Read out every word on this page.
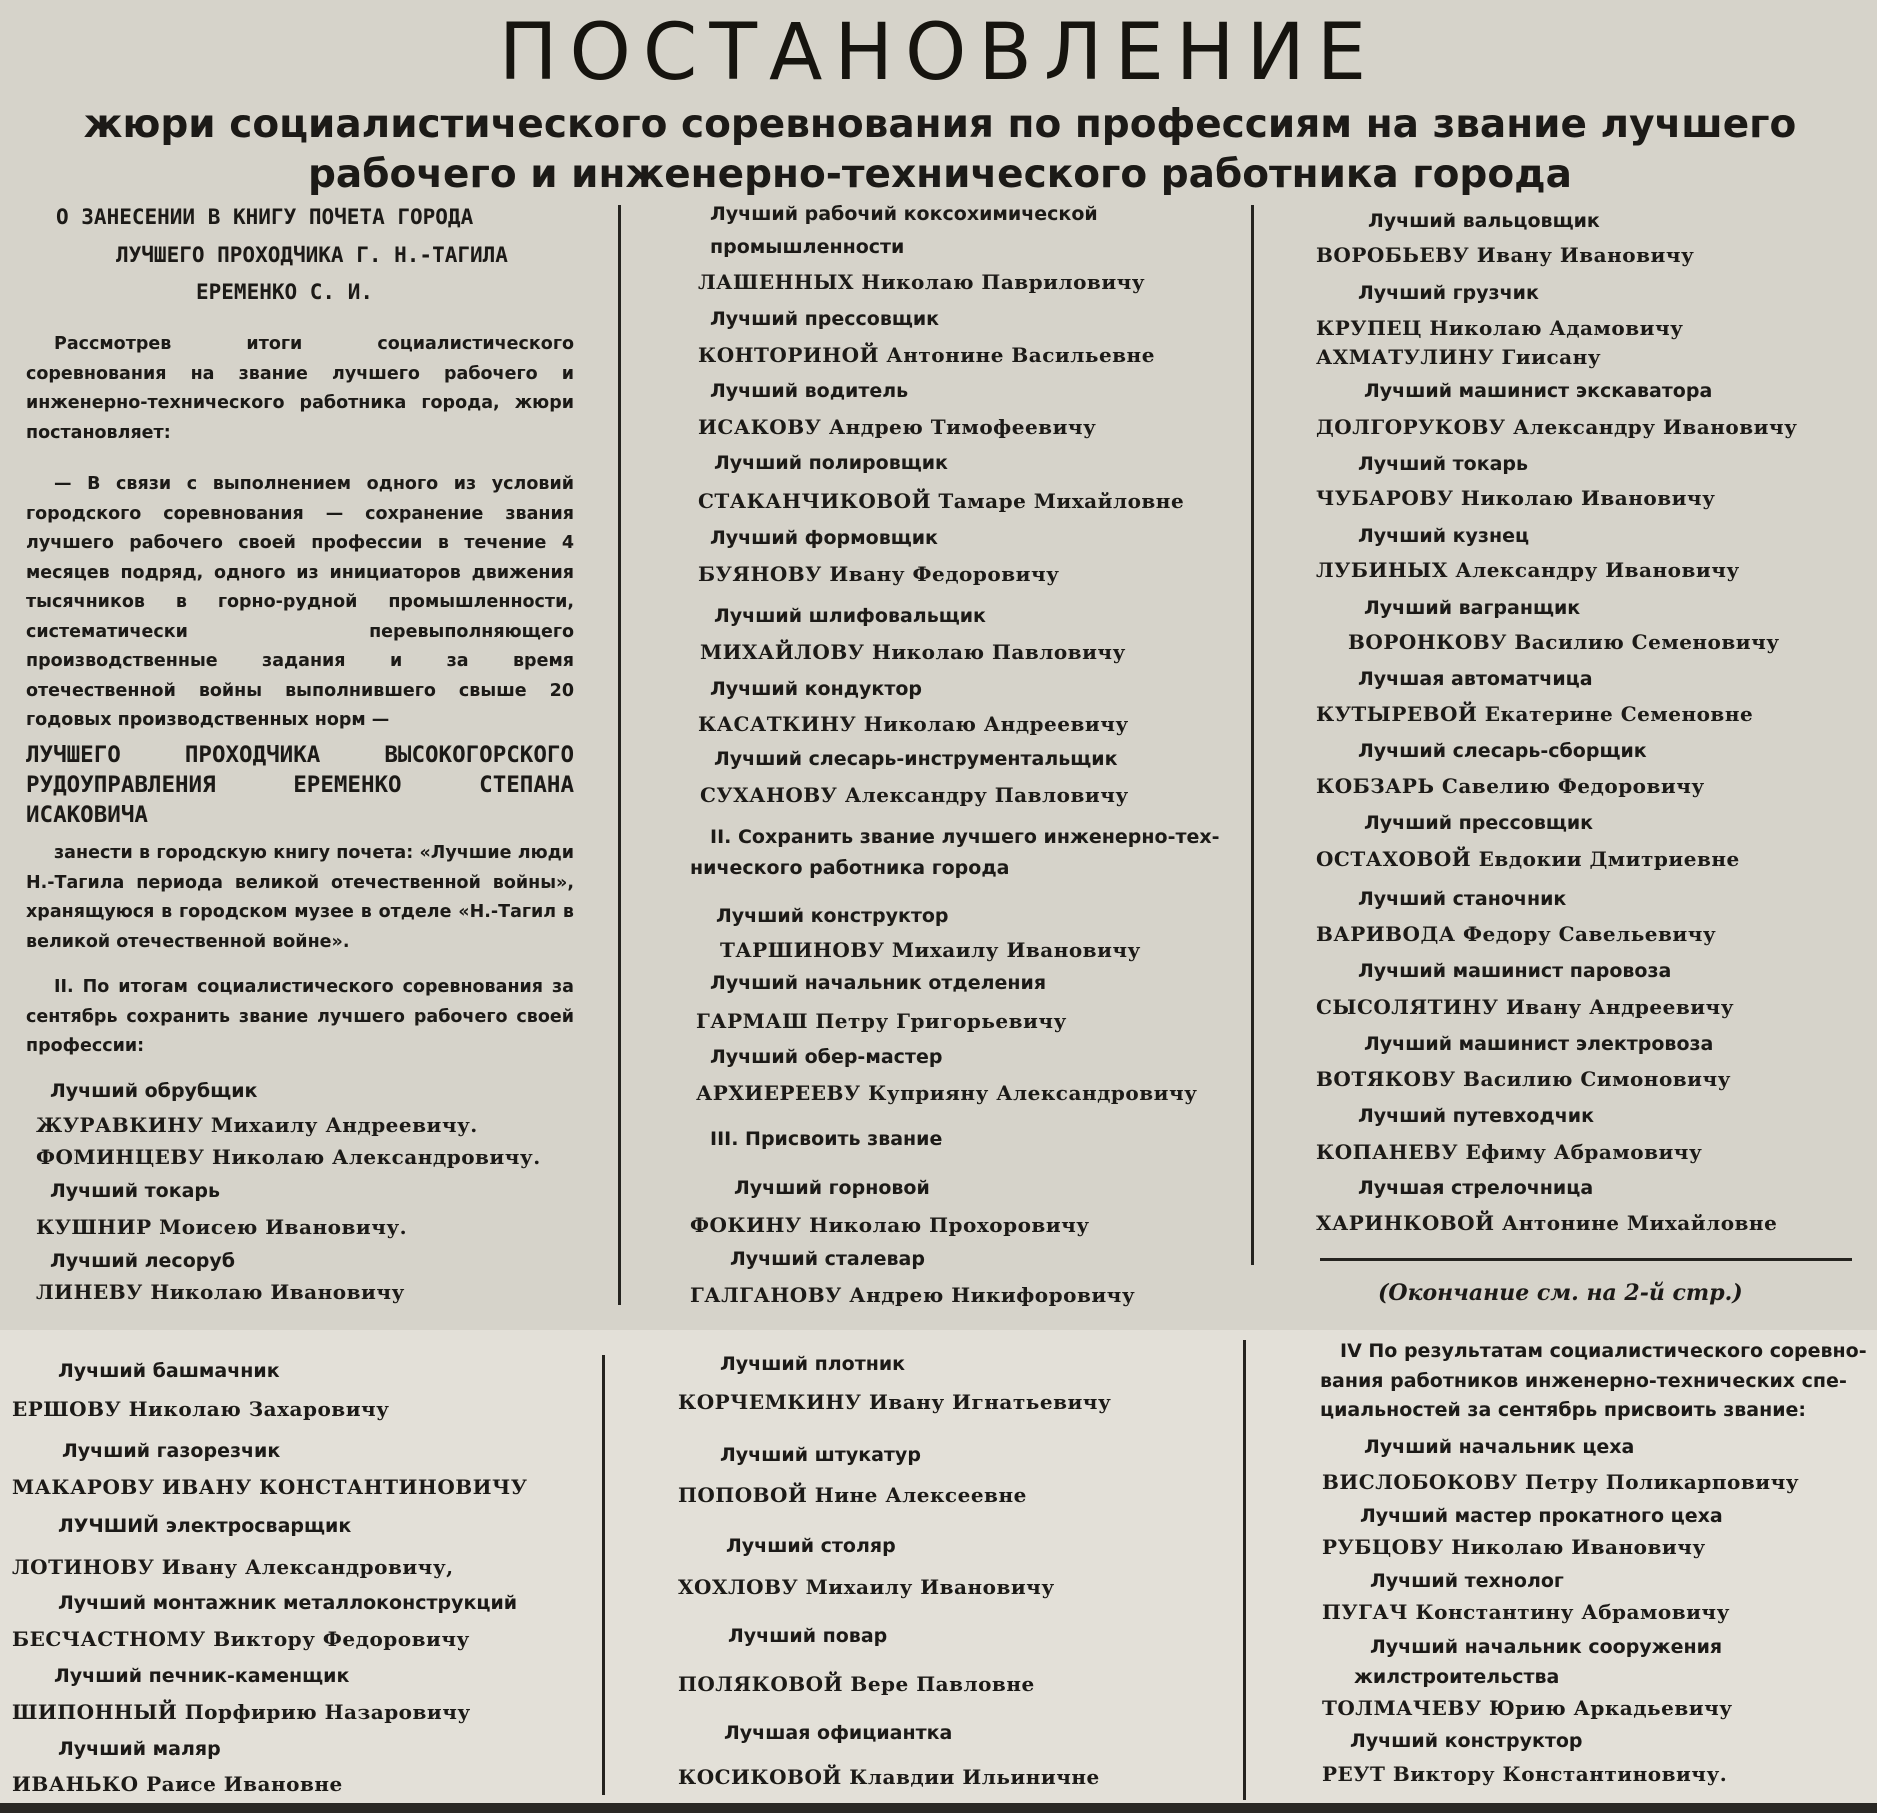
ПОСТАНОВЛЕНИЕ
жюри социалистического соревнования по профессиям на звание лучшего
рабочего и инженерно-технического работника города
О ЗАНЕСЕНИИ В КНИГУ ПОЧЕТА ГОРОДА
ЛУЧШЕГО ПРОХОДЧИКА Г. Н.-ТАГИЛА
ЕРЕМЕНКО С. И.

Рассмотрев итоги социалистического соревнования на звание лучшего рабочего и инженерно-технического работника города, жюри постановляет:

— В связи с выполнением одного из условий городского соревнования — сохранение звания лучшего рабочего своей профессии в течение 4 месяцев подряд, одного из инициаторов движения тысячников в горно-рудной промышленности, систематически перевыполняющего производственные задания и за время отечественной войны выполнившего свыше 20 годовых производственных норм —

ЛУЧШЕГО ПРОХОДЧИКА ВЫСОКОГОРСКОГО РУДОУПРАВЛЕНИЯ ЕРЕМЕНКО СТЕПАНА ИСАКОВИЧА

занести в городскую книгу почета: «Лучшие люди Н.-Тагила периода великой отечественной войны», хранящуюся в городском музее в отделе «Н.-Тагил в великой отечественной войне».

II. По итогам социалистического соревнования за сентябрь сохранить звание лучшего рабочего своей профессии:

Лучший обрубщик
ЖУРАВКИНУ Михаилу Андреевичу.
ФОМИНЦЕВУ Николаю Александровичу.
Лучший токарь
КУШНИР Моисею Ивановичу.
Лучший лесоруб
ЛИНЕВУ Николаю Ивановичу
Лучший рабочий коксохимической
промышленности
ЛАШЕННЫХ Николаю Павриловичу
Лучший прессовщик
КОНТОРИНОЙ Антонине Васильевне
Лучший водитель
ИСАКОВУ Андрею Тимофеевичу
Лучший полировщик
СТАКАНЧИКОВОЙ Тамаре Михайловне
Лучший формовщик
БУЯНОВУ Ивану Федоровичу
Лучший шлифовальщик
МИХАЙЛОВУ Николаю Павловичу
Лучший кондуктор
КАСАТКИНУ Николаю Андреевичу
Лучший слесарь-инструментальщик
СУХАНОВУ Александру Павловичу
II. Сохранить звание лучшего инженерно-тех-
нического работника города
Лучший конструктор
ТАРШИНОВУ Михаилу Ивановичу
Лучший начальник отделения
ГАРМАШ Петру Григорьевичу
Лучший обер-мастер
АРХИЕРЕЕВУ Куприяну Александровичу
III. Присвоить звание
Лучший горновой
ФОКИНУ Николаю Прохоровичу
Лучший сталевар
ГАЛГАНОВУ Андрею Никифоровичу
Лучший вальцовщик
ВОРОБЬЕВУ Ивану Ивановичу
Лучший грузчик
КРУПЕЦ Николаю Адамовичу
АХМАТУЛИНУ Гиисану
Лучший машинист экскаватора
ДОЛГОРУКОВУ Александру Ивановичу
Лучший токарь
ЧУБАРОВУ Николаю Ивановичу
Лучший кузнец
ЛУБИНЫХ Александру Ивановичу
Лучший вагранщик
ВОРОНКОВУ Василию Семеновичу
Лучшая автоматчица
КУТЫРЕВОЙ Екатерине Семеновне
Лучший слесарь-сборщик
КОБЗАРЬ Савелию Федоровичу
Лучший прессовщик
ОСТАХОВОЙ Евдокии Дмитриевне
Лучший станочник
ВАРИВОДА Федору Савельевичу
Лучший машинист паровоза
СЫСОЛЯТИНУ Ивану Андреевичу
Лучший машинист электровоза
ВОТЯКОВУ Василию Симоновичу
Лучший путевходчик
КОПАНЕВУ Ефиму Абрамовичу
Лучшая стрелочница
ХАРИНКОВОЙ Антонине Михайловне
(Окончание см. на 2-й стр.)
Лучший башмачник
ЕРШОВУ Николаю Захаровичу
Лучший газорезчик
МАКАРОВУ ИВАНУ КОНСТАНТИНОВИЧУ
ЛУЧШИЙ электросварщик
ЛОТИНОВУ Ивану Александровичу,
Лучший монтажник металлоконструкций
БЕСЧАСТНОМУ Виктору Федоровичу
Лучший печник-каменщик
ШИПОННЫЙ Порфирию Назаровичу
Лучший маляр
ИВАНЬКО Раисе Ивановне
Лучший плотник
КОРЧЕМКИНУ Ивану Игнатьевичу
Лучший штукатур
ПОПОВОЙ Нине Алексеевне
Лучший столяр
ХОХЛОВУ Михаилу Ивановичу
Лучший повар
ПОЛЯКОВОЙ Вере Павловне
Лучшая официантка
КОСИКОВОЙ Клавдии Ильиничне
IV По результатам социалистического соревно-
вания работников инженерно-технических спе-
циальностей за сентябрь присвоить звание:
Лучший начальник цеха
ВИСЛОБОКОВУ Петру Поликарповичу
Лучший мастер прокатного цеха
РУБЦОВУ Николаю Ивановичу
Лучший технолог
ПУГАЧ Константину Абрамовичу
Лучший начальник сооружения
жилстроительства
ТОЛМАЧЕВУ Юрию Аркадьевичу
Лучший конструктор
РЕУТ Виктору Константиновичу.
